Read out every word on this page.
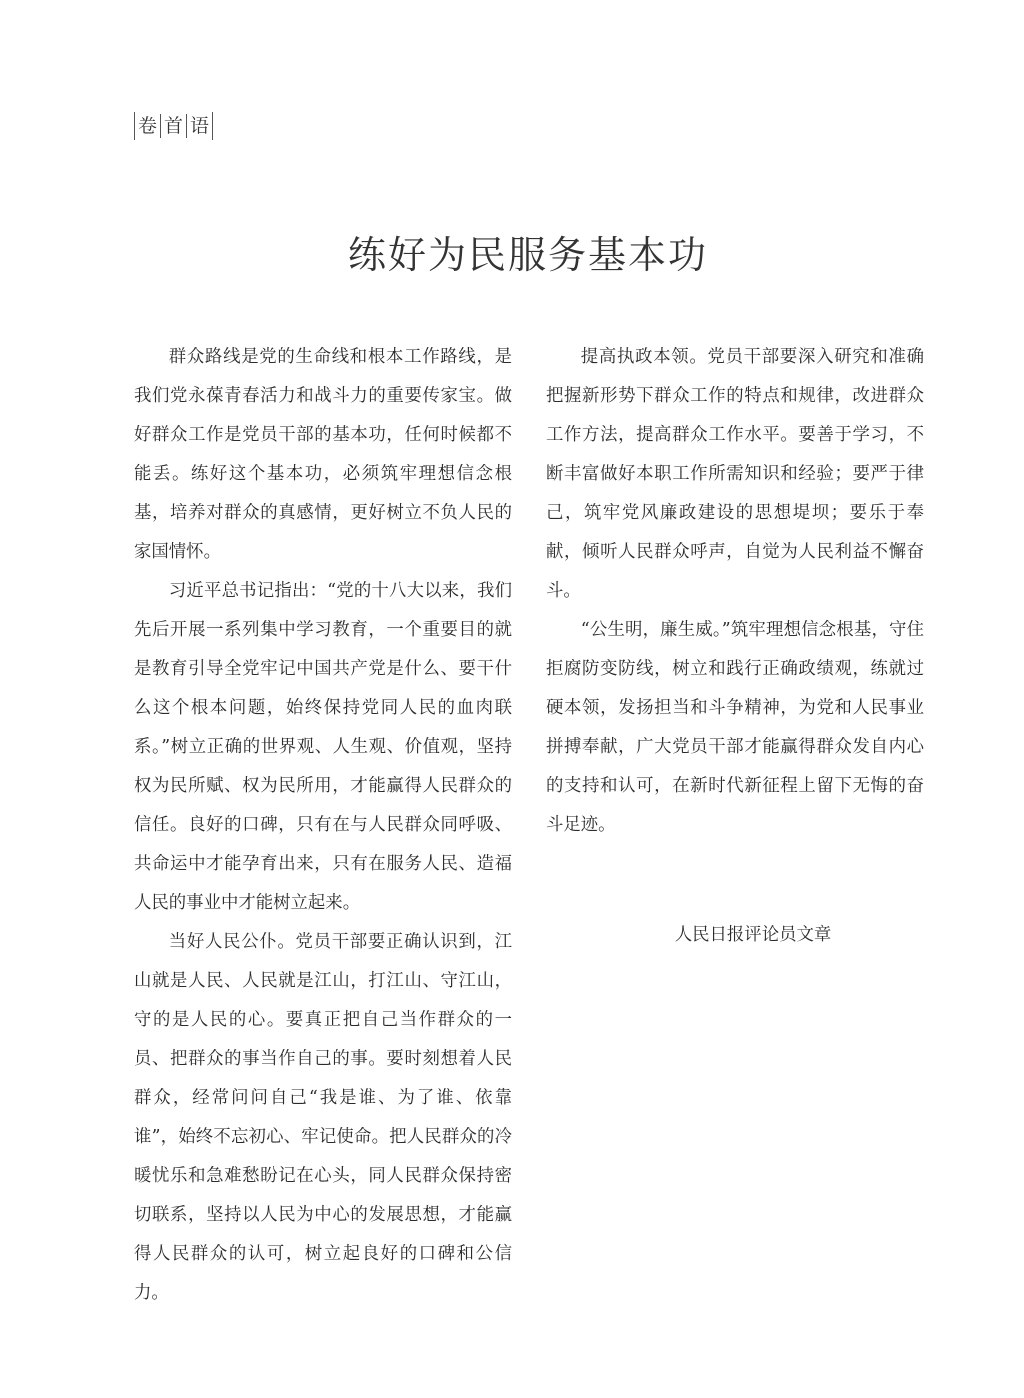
卷 首 语
练好为民服务基本功

群众路线是党的生命线和根本工作路线，是我们党永葆青春活力和战斗力的重要传家宝。做好群众工作是党员干部的基本功，任何时候都不能丢。练好这个基本功，必须筑牢理想信念根基，培养对群众的真感情，更好树立不负人民的家国情怀。

习近平总书记指出：“党的十八大以来，我们先后开展一系列集中学习教育，一个重要目的就是教育引导全党牢记中国共产党是什么、要干什么这个根本问题，始终保持党同人民的血肉联系。”树立正确的世界观、人生观、价值观，坚持权为民所赋、权为民所用，才能赢得人民群众的信任。良好的口碑，只有在与人民群众同呼吸、共命运中才能孕育出来，只有在服务人民、造福人民的事业中才能树立起来。

当好人民公仆。党员干部要正确认识到，江山就是人民、人民就是江山，打江山、守江山，守的是人民的心。要真正把自己当作群众的一员、把群众的事当作自己的事。要时刻想着人民群众，经常问问自己“我是谁、为了谁、依靠谁”，始终不忘初心、牢记使命。把人民群众的冷暖忧乐和急难愁盼记在心头，同人民群众保持密切联系，坚持以人民为中心的发展思想，才能赢得人民群众的认可，树立起良好的口碑和公信力。

提高执政本领。党员干部要深入研究和准确把握新形势下群众工作的特点和规律，改进群众工作方法，提高群众工作水平。要善于学习，不断丰富做好本职工作所需知识和经验；要严于律己，筑牢党风廉政建设的思想堤坝；要乐于奉献，倾听人民群众呼声，自觉为人民利益不懈奋斗。

“公生明，廉生威。”筑牢理想信念根基，守住拒腐防变防线，树立和践行正确政绩观，练就过硬本领，发扬担当和斗争精神，为党和人民事业拼搏奉献，广大党员干部才能赢得群众发自内心的支持和认可，在新时代新征程上留下无悔的奋斗足迹。

人民日报评论员文章
